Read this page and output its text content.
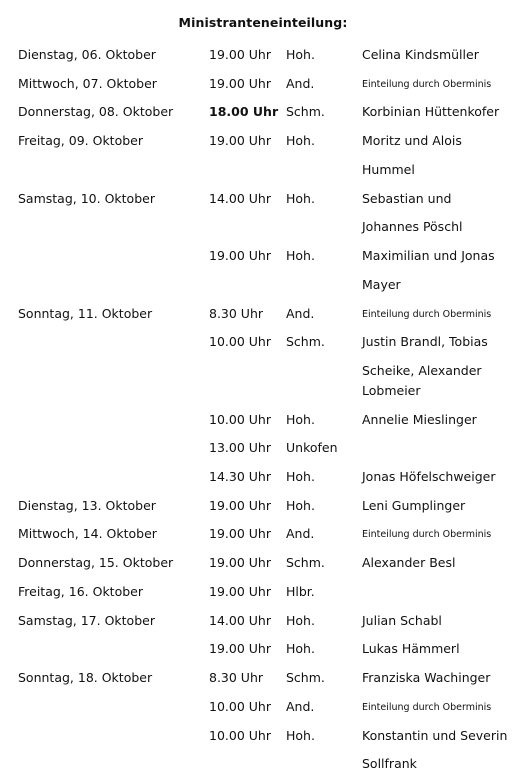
Ministranteneinteilung:
Dienstag, 06. Oktober	19.00 Uhr Hoh.	Celina Kindsmüller
Mittwoch, 07. Oktober	19.00 Uhr And.	Einteilung durch Oberminis
Donnerstag, 08. Oktober	18.00 Uhr Schm.	Korbinian Hüttenkofer
Freitag, 09. Oktober	19.00 Uhr Hoh.	Moritz und Alois
Hummel
Samstag, 10. Oktober	14.00 Uhr Hoh.	Sebastian und
Johannes Pöschl
19.00 Uhr Hoh.	Maximilian und Jonas
Mayer
Sonntag, 11. Oktober	8.30 Uhr And.	Einteilung durch Oberminis
10.00 Uhr Schm.	Justin Brandl, Tobias
Scheike, Alexander
Lobmeier
10.00 Uhr Hoh.	Annelie Mieslinger
13.00 Uhr Unkofen
14.30 Uhr Hoh.	Jonas Höfelschweiger
Dienstag, 13. Oktober	19.00 Uhr Hoh.	Leni Gumplinger
Mittwoch, 14. Oktober	19.00 Uhr And.	Einteilung durch Oberminis
Donnerstag, 15. Oktober	19.00 Uhr Schm.	Alexander Besl
Freitag, 16. Oktober	19.00 Uhr Hlbr.
Samstag, 17. Oktober	14.00 Uhr Hoh.	Julian Schabl
19.00 Uhr Hoh.	Lukas Hämmerl
Sonntag, 18. Oktober	8.30 Uhr Schm.	Franziska Wachinger
10.00 Uhr And.	Einteilung durch Oberminis
10.00 Uhr Hoh.	Konstantin und Severin
Sollfrank
